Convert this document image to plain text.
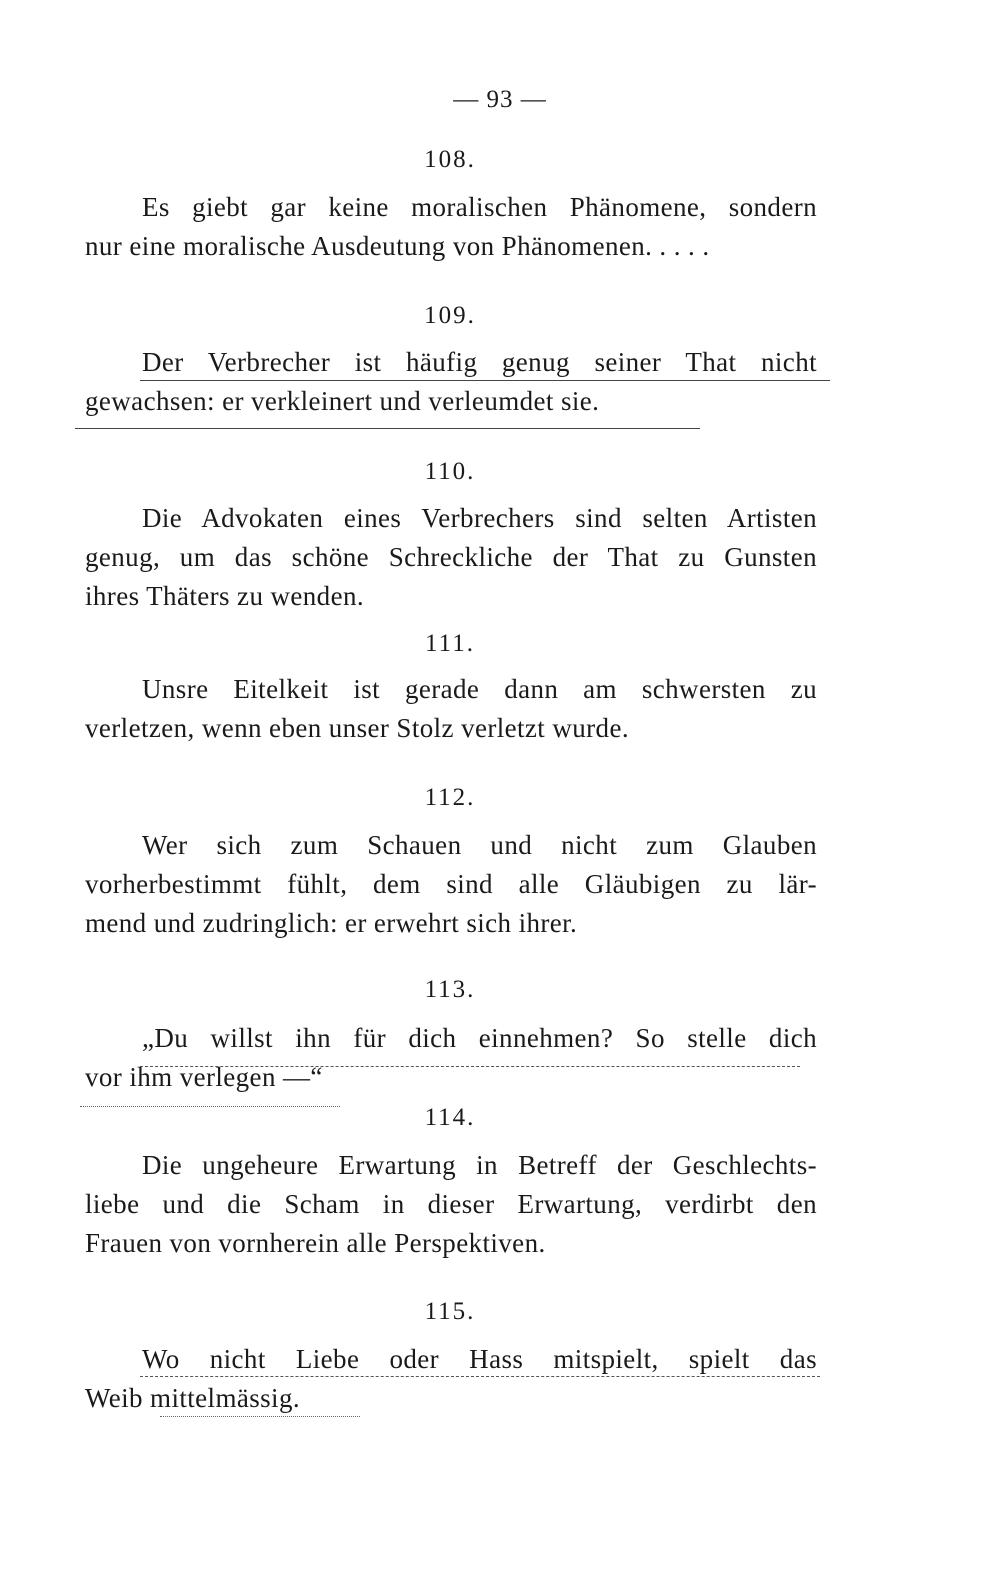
— 93 —
108.
Es giebt gar keine moralischen Phänomene, sondern
nur eine moralische Ausdeutung von Phänomenen. . . . .
109.
Der Verbrecher ist häufig genug seiner That nicht
gewachsen: er verkleinert und verleumdet sie.
110.
Die Advokaten eines Verbrechers sind selten Artisten
genug, um das schöne Schreckliche der That zu Gunsten
ihres Thäters zu wenden.
111.
Unsre Eitelkeit ist gerade dann am schwersten zu
verletzen, wenn eben unser Stolz verletzt wurde.
112.
Wer sich zum Schauen und nicht zum Glauben
vorherbestimmt fühlt, dem sind alle Gläubigen zu lär-
mend und zudringlich: er erwehrt sich ihrer.
113.
„Du willst ihn für dich einnehmen? So stelle dich
vor ihm verlegen —“
114.
Die ungeheure Erwartung in Betreff der Geschlechts-
liebe und die Scham in dieser Erwartung, verdirbt den
Frauen von vornherein alle Perspektiven.
115.
Wo nicht Liebe oder Hass mitspielt, spielt das
Weib mittelmässig.
